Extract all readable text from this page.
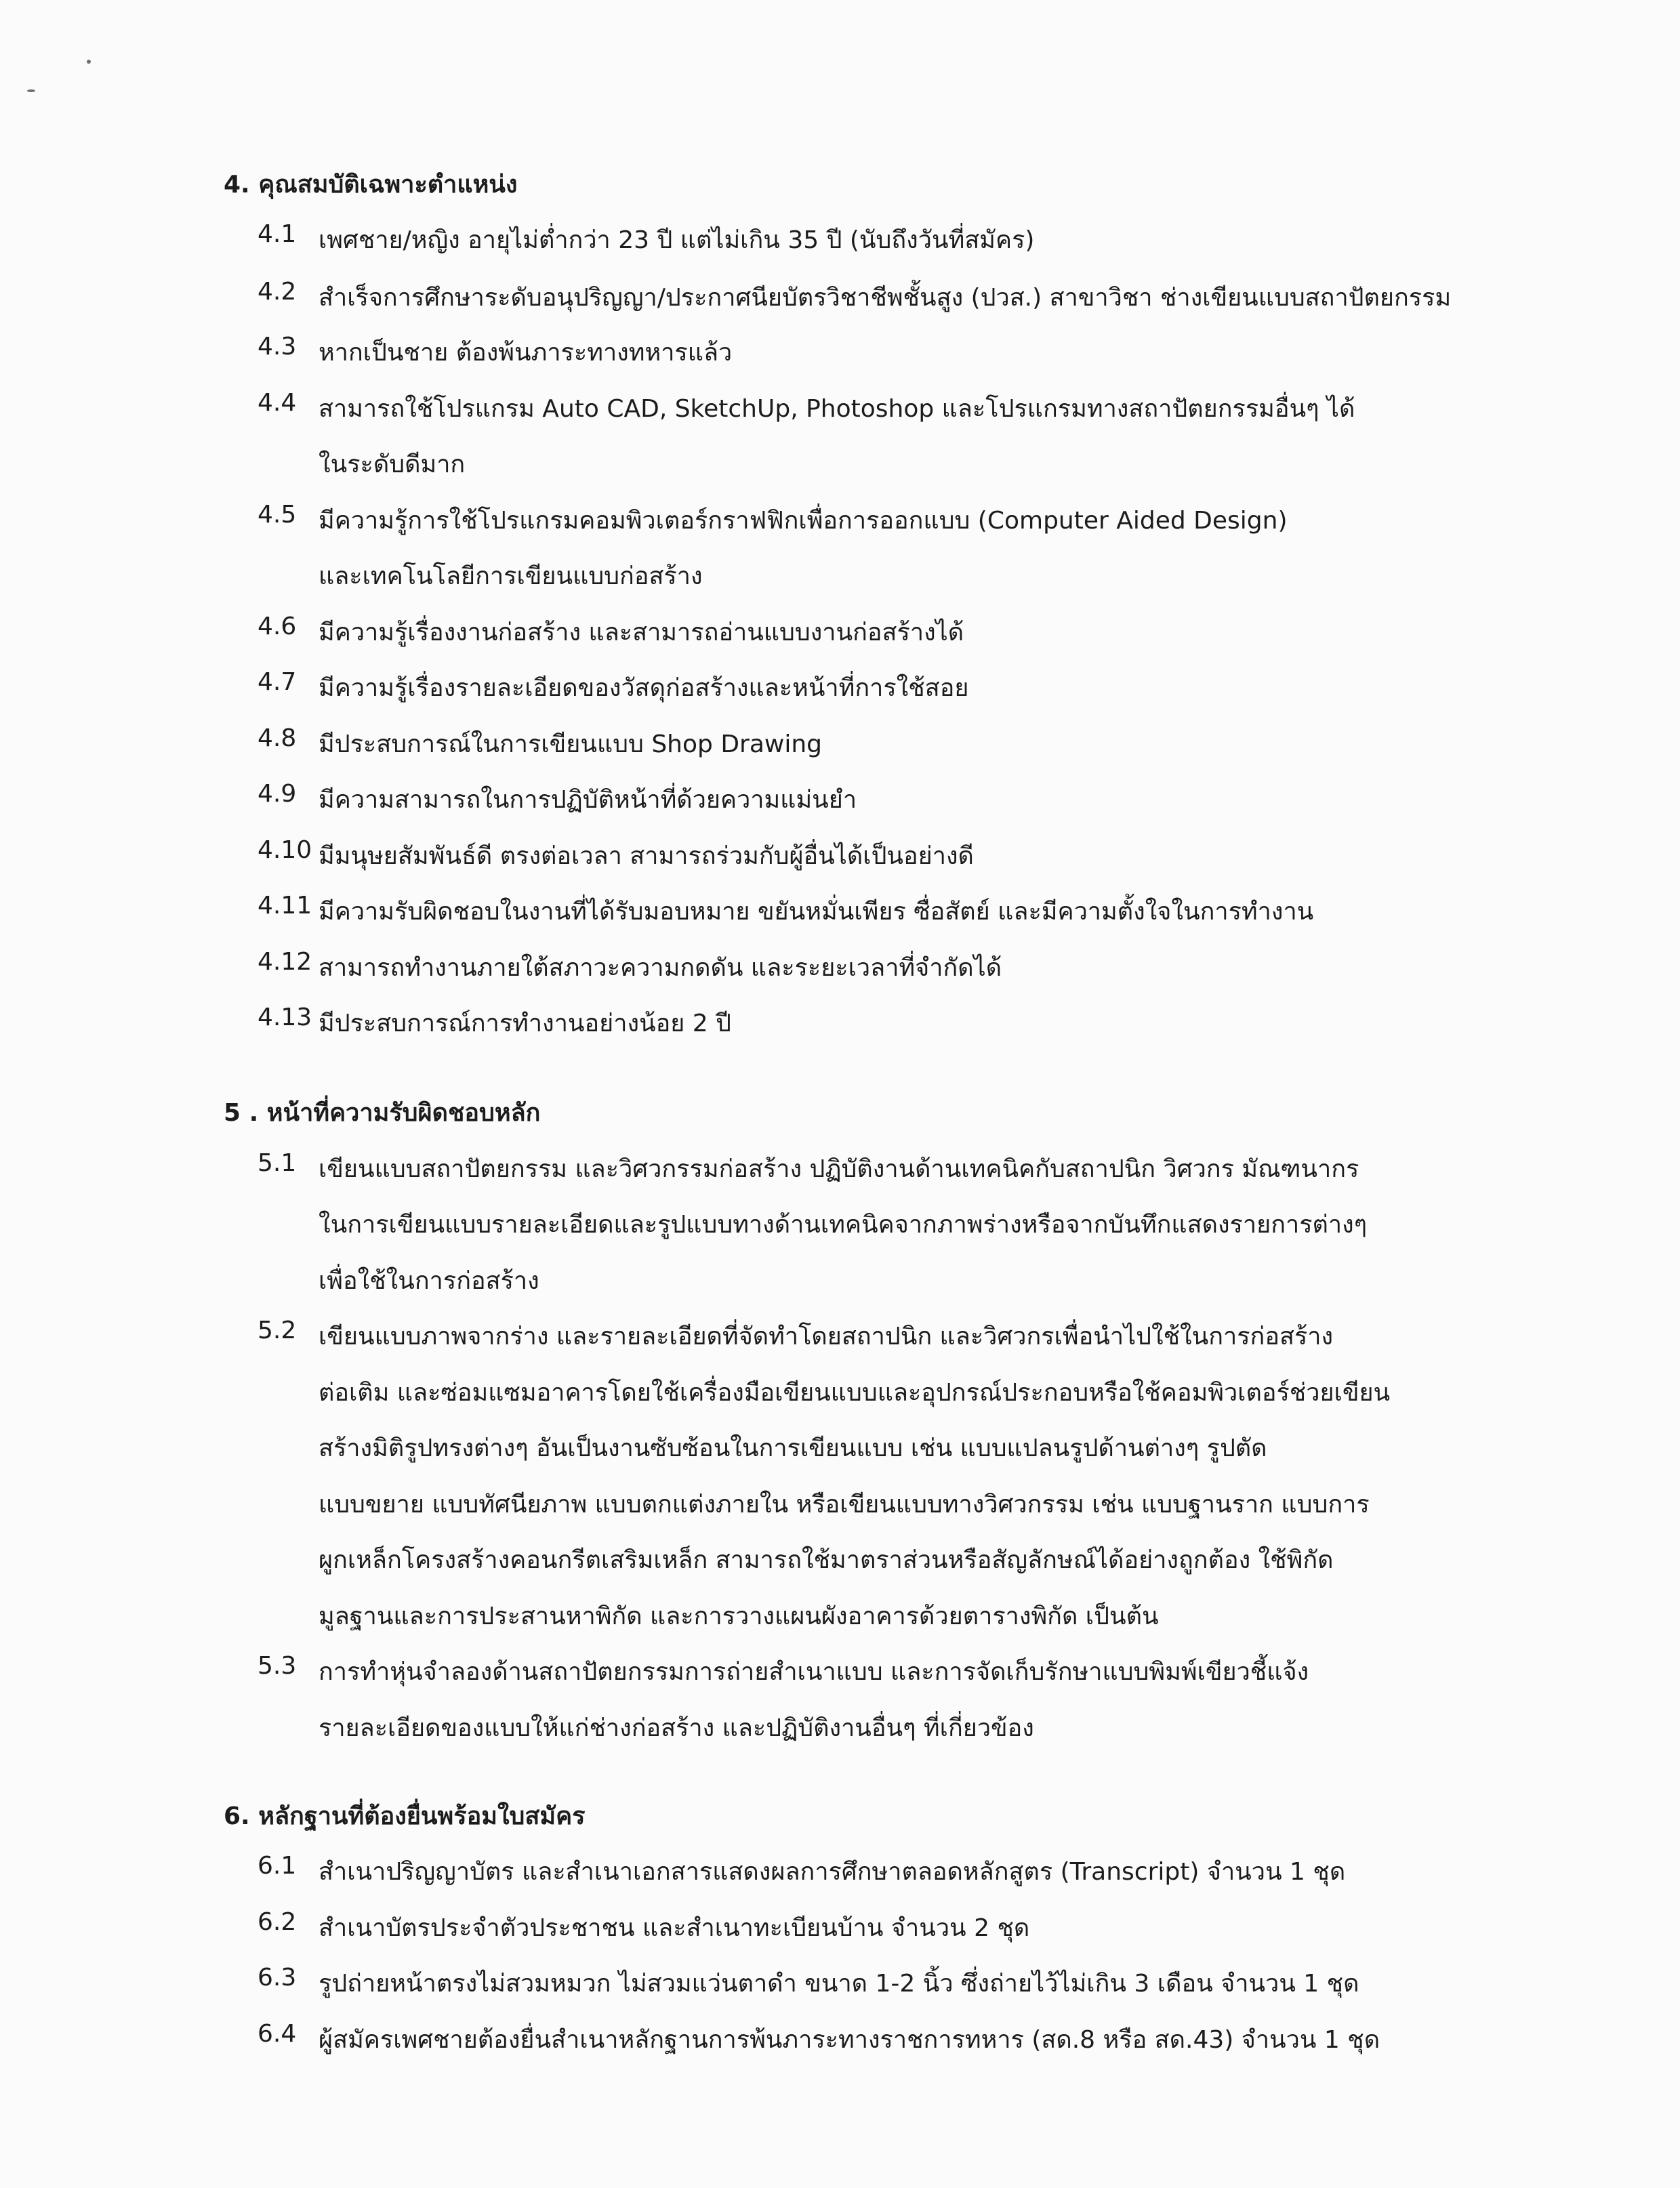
4. คุณสมบัติเฉพาะตำแหน่ง
4.1 เพศชาย/หญิง อายุไม่ต่ำกว่า 23 ปี แต่ไม่เกิน 35 ปี (นับถึงวันที่สมัคร)
4.2 สำเร็จการศึกษาระดับอนุปริญญา/ประกาศนียบัตรวิชาชีพชั้นสูง (ปวส.) สาขาวิชา ช่างเขียนแบบสถาปัตยกรรม
4.3 หากเป็นชาย ต้องพ้นภาระทางทหารแล้ว
4.4 สามารถใช้โปรแกรม Auto CAD, SketchUp, Photoshop และโปรแกรมทางสถาปัตยกรรมอื่นๆ ได้
ในระดับดีมาก
4.5 มีความรู้การใช้โปรแกรมคอมพิวเตอร์กราฟฟิกเพื่อการออกแบบ (Computer Aided Design)
และเทคโนโลยีการเขียนแบบก่อสร้าง
4.6 มีความรู้เรื่องงานก่อสร้าง และสามารถอ่านแบบงานก่อสร้างได้
4.7 มีความรู้เรื่องรายละเอียดของวัสดุก่อสร้างและหน้าที่การใช้สอย
4.8 มีประสบการณ์ในการเขียนแบบ Shop Drawing
4.9 มีความสามารถในการปฏิบัติหน้าที่ด้วยความแม่นยำ
4.10 มีมนุษยสัมพันธ์ดี ตรงต่อเวลา สามารถร่วมกับผู้อื่นได้เป็นอย่างดี
4.11 มีความรับผิดชอบในงานที่ได้รับมอบหมาย ขยันหมั่นเพียร ซื่อสัตย์ และมีความตั้งใจในการทำงาน
4.12 สามารถทำงานภายใต้สภาวะความกดดัน และระยะเวลาที่จำกัดได้
4.13 มีประสบการณ์การทำงานอย่างน้อย 2 ปี
5 . หน้าที่ความรับผิดชอบหลัก
5.1 เขียนแบบสถาปัตยกรรม และวิศวกรรมก่อสร้าง ปฏิบัติงานด้านเทคนิคกับสถาปนิก วิศวกร มัณฑนากร
ในการเขียนแบบรายละเอียดและรูปแบบทางด้านเทคนิคจากภาพร่างหรือจากบันทึกแสดงรายการต่างๆ
เพื่อใช้ในการก่อสร้าง
5.2 เขียนแบบภาพจากร่าง และรายละเอียดที่จัดทำโดยสถาปนิก และวิศวกรเพื่อนำไปใช้ในการก่อสร้าง
ต่อเติม และซ่อมแซมอาคารโดยใช้เครื่องมือเขียนแบบและอุปกรณ์ประกอบหรือใช้คอมพิวเตอร์ช่วยเขียน
สร้างมิติรูปทรงต่างๆ อันเป็นงานซับซ้อนในการเขียนแบบ เช่น แบบแปลนรูปด้านต่างๆ รูปตัด
แบบขยาย แบบทัศนียภาพ แบบตกแต่งภายใน หรือเขียนแบบทางวิศวกรรม เช่น แบบฐานราก แบบการ
ผูกเหล็กโครงสร้างคอนกรีตเสริมเหล็ก สามารถใช้มาตราส่วนหรือสัญลักษณ์ได้อย่างถูกต้อง ใช้พิกัด
มูลฐานและการประสานหาพิกัด และการวางแผนผังอาคารด้วยตารางพิกัด เป็นต้น
5.3 การทำหุ่นจำลองด้านสถาปัตยกรรมการถ่ายสำเนาแบบ และการจัดเก็บรักษาแบบพิมพ์เขียวชี้แจ้ง
รายละเอียดของแบบให้แก่ช่างก่อสร้าง และปฏิบัติงานอื่นๆ ที่เกี่ยวข้อง
6. หลักฐานที่ต้องยื่นพร้อมใบสมัคร
6.1 สำเนาปริญญาบัตร และสำเนาเอกสารแสดงผลการศึกษาตลอดหลักสูตร (Transcript) จำนวน 1 ชุด
6.2 สำเนาบัตรประจำตัวประชาชน และสำเนาทะเบียนบ้าน จำนวน 2 ชุด
6.3 รูปถ่ายหน้าตรงไม่สวมหมวก ไม่สวมแว่นตาดำ ขนาด 1-2 นิ้ว ซึ่งถ่ายไว้ไม่เกิน 3 เดือน จำนวน 1 ชุด
6.4 ผู้สมัครเพศชายต้องยื่นสำเนาหลักฐานการพ้นภาระทางราชการทหาร (สด.8 หรือ สด.43) จำนวน 1 ชุด
